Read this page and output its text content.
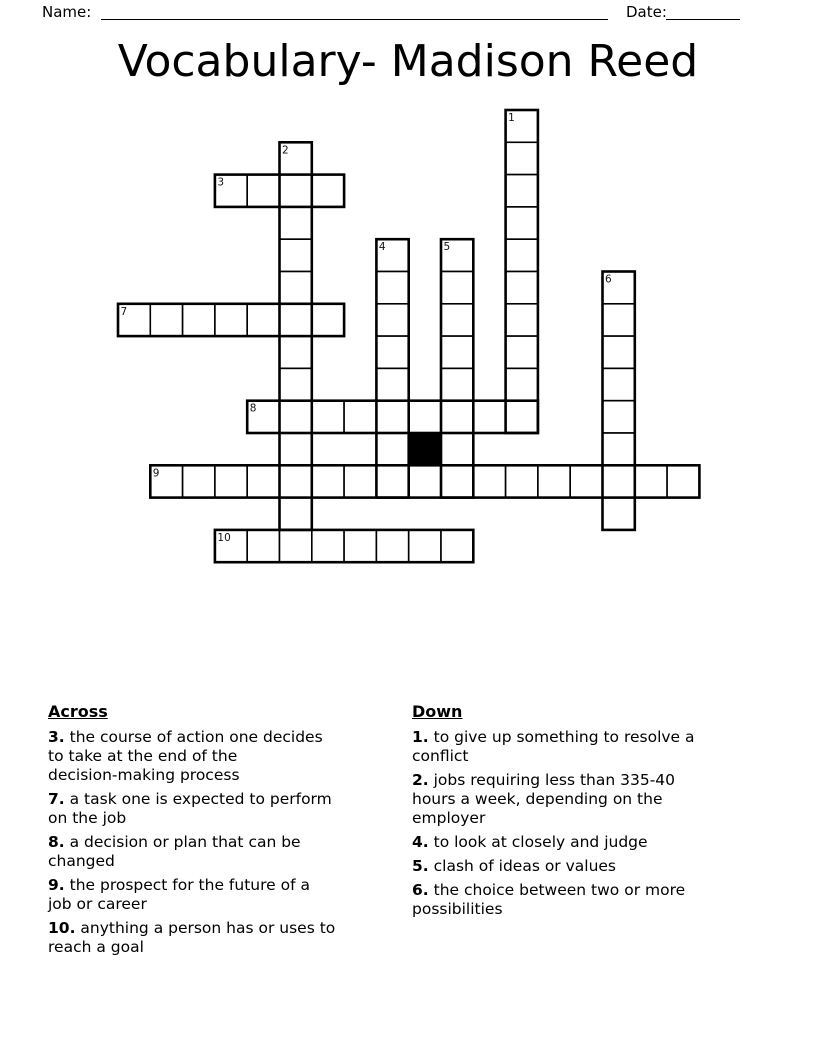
Name:	Date:
Vocabulary- Madison Reed
1
2
3
4	5
6
7
8
9
10
Across
3. the course of action one decides
to take at the end of the
decision-making process
7. a task one is expected to perform
on the job
8. a decision or plan that can be
changed
9. the prospect for the future of a
job or career
10. anything a person has or uses to
reach a goal
Down
1. to give up something to resolve a
conflict
2. jobs requiring less than 335-40
hours a week, depending on the
employer
4. to look at closely and judge
5. clash of ideas or values
6. the choice between two or more
possibilities
